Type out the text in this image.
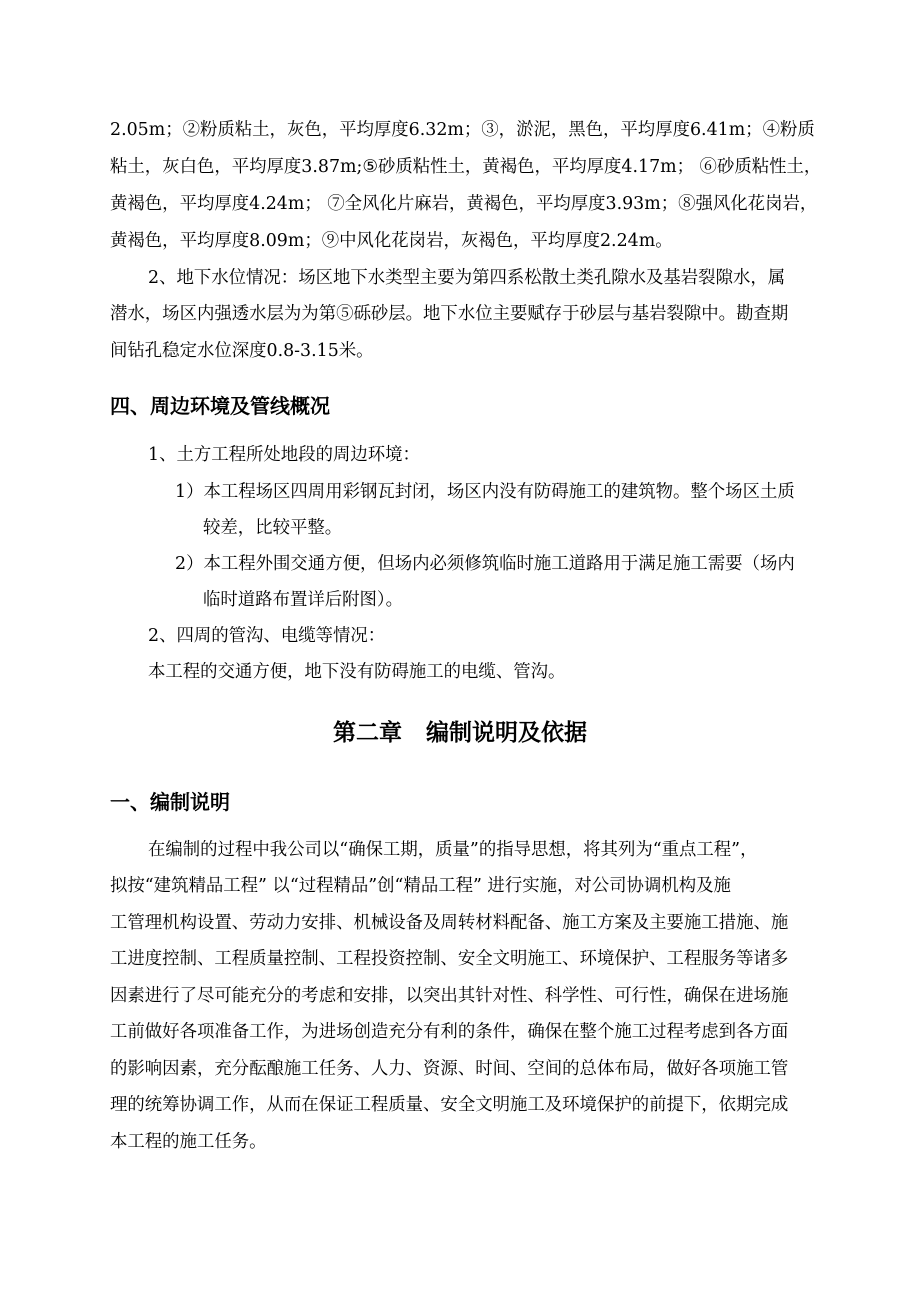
2.05m；②粉质粘土，灰色，平均厚度6.32m；③，淤泥，黑色，平均厚度6.41m；④粉质
粘土，灰白色，平均厚度3.87m;⑤砂质粘性土，黄褐色，平均厚度4.17m； ⑥砂质粘性土，
黄褐色，平均厚度4.24m； ⑦全风化片麻岩，黄褐色，平均厚度3.93m；⑧强风化花岗岩，
黄褐色，平均厚度8.09m；⑨中风化花岗岩，灰褐色，平均厚度2.24m。
2、地下水位情况：场区地下水类型主要为第四系松散土类孔隙水及基岩裂隙水，属
潜水，场区内强透水层为为第⑤砾砂层。地下水位主要赋存于砂层与基岩裂隙中。勘查期
间钻孔稳定水位深度0.8-3.15米。
四、周边环境及管线概况
1、土方工程所处地段的周边环境：
1）本工程场区四周用彩钢瓦封闭，场区内没有防碍施工的建筑物。整个场区土质
较差，比较平整。
2）本工程外围交通方便，但场内必须修筑临时施工道路用于满足施工需要（场内
临时道路布置详后附图）。
2、四周的管沟、电缆等情况：
本工程的交通方便，地下没有防碍施工的电缆、管沟。
第二章   编制说明及依据
一、编制说明
在编制的过程中我公司以“确保工期，质量”的指导思想，将其列为“重点工程”，
拟按“建筑精品工程” 以“过程精品”创“精品工程” 进行实施，对公司协调机构及施
工管理机构设置、劳动力安排、机械设备及周转材料配备、施工方案及主要施工措施、施
工进度控制、工程质量控制、工程投资控制、安全文明施工、环境保护、工程服务等诸多
因素进行了尽可能充分的考虑和安排，以突出其针对性、科学性、可行性，确保在进场施
工前做好各项准备工作，为进场创造充分有利的条件，确保在整个施工过程考虑到各方面
的影响因素，充分酝酿施工任务、人力、资源、时间、空间的总体布局，做好各项施工管
理的统筹协调工作，从而在保证工程质量、安全文明施工及环境保护的前提下，依期完成
本工程的施工任务。
